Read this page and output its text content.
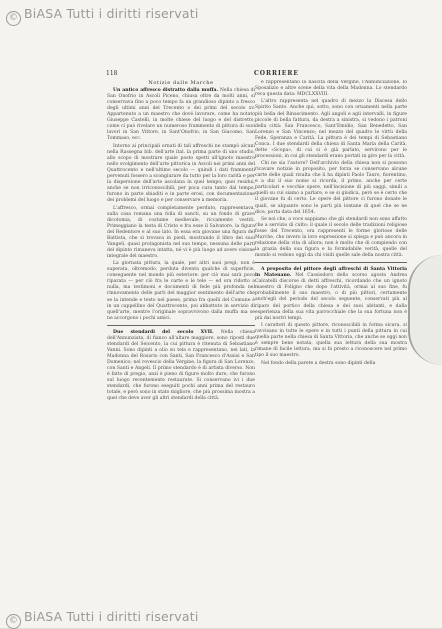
© BiASA Tutti i diritti riservati
118	CORRIERE

Notizie dalle Marche

Un antico affresco distratto dalla muffa. Nella chiesa di San Onofrio in Ascoli Piceno, chiusa oltre da molti anni, si conservava fino a poco tempo fa un grandioso dipinto a fresco degli ultimi anni del Trecento o dei primi del secolo xv. Appartenuto a un maestro che dové lavorare, come ha notato Giuseppe Castelli, in molte chiese del luogo e del distretto, come ci può rivelare un numeroso frammento di pittura di suoi lavori in San Vittore, in Sant'Onofrio, in San Giacomo, San Tommaso, ecc.

Intorno ai principali ornati di tali affreschi ne stampò alcuni nella Rassegna bib. dell'arte ital. la prima parte di uno studio, allo scopo di mostrare quale posto spetti all'ignoto maestro nello svolgimento dell'arte pittorica in Ascoli nei primi anni del Quattrocento e nell'ultimo secolo — quindi i dati frammenti pervenuti fossero a scongiurare da tutto per la loro rarità e per la dispersione dell'arte ascolana in quel tempo; quei residui, anche se non irriconoscibili, per poca cura tanto dal tempo, furono in parte sbiaditi e in parte erosi, con documentazione dei problemi del luogo e per conservare a memoria.

L'affresco, ormai completamente perduto, rappresentava, sulla casa romana una folla di sancti, su un fondo di grave dicotomia, di costume medievale, riccamente vestiti. Primeggiano la testa di Cristo e fra esse il Salvatore, la figura del Redentore e al suo lato. In essa era giovane una figura del Battista, che si trovava in piedi, mostrando il libro dei suoi Vangeli, quasi protagonista nel suo tempo, nessuna delle parti del dipinto rimaneva intatta, né vi è più luogo ad avere visione integrale del maestro.

La giornata pittura, la quale, per altri suoi pregi, non è superata, oltremodo, perduta diventa qualche di superficie, conseguente nel mondo più esteriore: per ciò mai sarà poco riparata — per ciò fra le carte e le tele — ed ora ridotto a nulla, ma testimoni e documenti di fede più profonda nel rinnovamento delle parti del maggior sentimento dell'arte che se la intende e testo nel paese, prima fra quelli del Comune è in un cappellino del Quattrocento, poi abbattuto in servizio di quell'arte, mentre l'originale sopravvivono dalla muffa ma se ne accorgono i pochi amici.

Due stendardi del secolo XVII. Nella chiesa dell'Annunziata, di fianco all'altare maggiore, sono riposti due stendardi del Seicento, la cui pittura è ritenuta di Sebastiano Vanni. Sono dipinti a olio su tela e rappresentano, nei lati, la Madonna del Rosario con Santi, San Francesco d'Assisi e San Domenico; nel rovescio della Vergine, la figura di San Lorenzo, con Santi e Angeli. Il primo stendardo è di artista diverso. Non è fatto di pregio, anzi è pieno di figure molto dure, che furono sul luogo recentemente restaurate. Si conservano ivi i due stendardi, che furono eseguiti pochi anni prima del restauro totale, e però sono in stato migliore, che più prossima mostra a quel che deve aver gli altri stendardi della città.

e rappresentano la nascita della Vergine, l'Annunciazione, lo Sposalizio e altre scene della vita della Madonna. Lo stendardo reca questa data: MDCLXXVIII.

L'altro rappresenta nel quadro di mezzo la Discesa dello Spirito Santo. Anche qui, sotto, sono con ornamenti nella parte più bella del Rinascimento. Agli angoli e agli intervalli, in figure piccole di bella fattura, da destra a sinistra, si vedono i patroni della città: San Francesco, Sant'Emidio, San Benedetto, San Lorenzo e San Vincenzo; nel mezzo del quadro le virtù della Fede, Speranza e Carità. La pittura è dei tempi di Sebastiano Conca. I due stendardi della chiesa di Santa Maria della Carità, dette «Scopa», di cui si è già parlato, servirono per le processioni, in cui gli stendardi erano portati in giro per la città.

Chi ne sia l'autore? Dell'archivio della chiesa non si possono ricavare notizie in proposito, per forza se conservano alcune carte delle quali risulta che li ha dipinti Paolo Tauro, fiorentino, e a dui il suo nome si ricorda, il primo, anche per certe particolari e vecchie opere, nell'incisione di più saggi, simili a quelli su cui siamo a parlare, e se si giudica, però se è certo che il giovane fu di certo. Le opere del pittore ci furono donate le quali, se alquanto sono le parti più lontane di quel che se ne dice, porta data del 1654.

Se noi che, a voce sappiamo che gli stendardi non sono affatto che a servizio di culto: il quale il secolo delle tradizioni religiose fosse del Trecento, ora rappresenti le forme gloriose delle Marche, che invero la loro espressione si spiega e può ancora in relazione della vita di allora; non è molto che di compiendo con la grazia della sua figura e la formidabile verità, quelle del mondo si vedono oggi da chi visiti quelle sale della nostra città.

A proposito del pittore degli affreschi di Santa Vittoria in Matenano. Nel Cassiodoro dello scorso agosto Andrea Calcatelli discorse di detti affreschi, ricordando che un ignoto maestro di Foligno che dopo l'attività, ormai al suo fine, fu probabilmente il suo maestro, o di più pittori, certamente anch'egli del periodo del secolo seguente, conservati più al riparo del portico della chiesa e dei suoi abitanti, e dalla esperienza della sua vita parrocchiale che la sua fortuna non è più dai nostri tempi.

I caratteri di questo pittore, riconoscibili in forma sicura, si ravvisano in tutte le opere e in tutti i punti della pittura in cui quella parte nella chiesa di Santa Vittoria, che anche se oggi non è sempre bene notata, quella sua lettura della sua mostra rimane di facile lettura, ma si fa presto a riconoscere nel primo tipo il suo maestro.

Nel fondo della parete a destra sono dipinti della

© BiASA Tutti i diritti riservati
